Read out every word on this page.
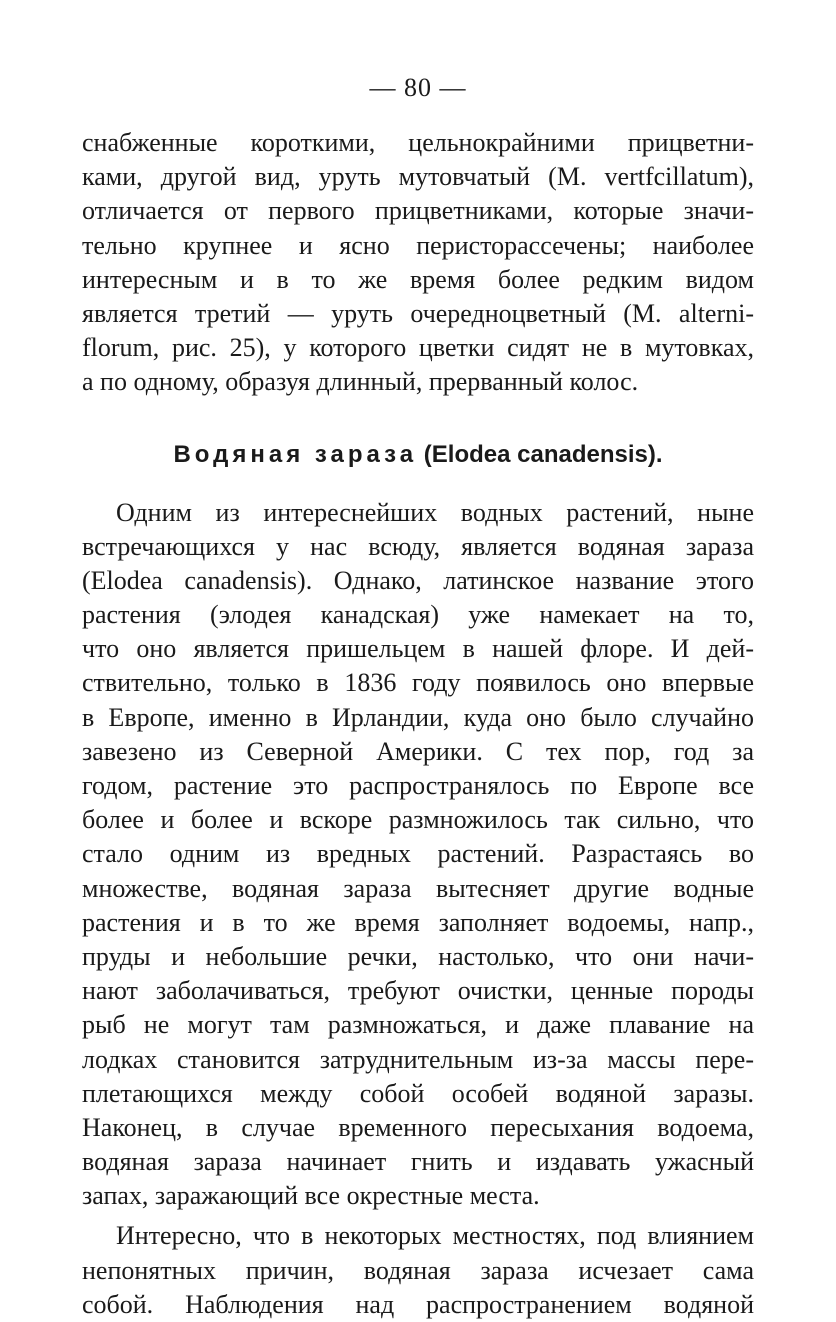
— 80 —
снабженные короткими, цельнокрайними прицветни-
ками, другой вид, уруть мутовчатый (M. vertfcillatum),
отличается от первого прицветниками, которые значи-
тельно крупнее и ясно перисторассечены; наиболее
интересным и в то же время более редким видом
является третий — уруть очередноцветный (M. alterni-
florum, рис. 25), у которого цветки сидят не в мутовках,
а по одному, образуя длинный, прерванный колос.
Водяная зараза (Elodea canadensis).
Одним из интереснейших водных растений, ныне
встречающихся у нас всюду, является водяная зараза
(Elodea canadensis). Однако, латинское название этого
растения (элодея канадская) уже намекает на то,
что оно является пришельцем в нашей флоре. И дей-
ствительно, только в 1836 году появилось оно впервые
в Европе, именно в Ирландии, куда оно было случайно
завезено из Северной Америки. С тех пор, год за
годом, растение это распространялось по Европе все
более и более и вскоре размножилось так сильно, что
стало одним из вредных растений. Разрастаясь во
множестве, водяная зараза вытесняет другие водные
растения и в то же время заполняет водоемы, напр.,
пруды и небольшие речки, настолько, что они начи-
нают заболачиваться, требуют очистки, ценные породы
рыб не могут там размножаться, и даже плавание на
лодках становится затруднительным из-за массы пере-
плетающихся между собой особей водяной заразы.
Наконец, в случае временного пересыхания водоема,
водяная зараза начинает гнить и издавать ужасный
запах, заражающий все окрестные места.
Интересно, что в некоторых местностях, под влиянием
непонятных причин, водяная зараза исчезает сама
собой. Наблюдения над распространением водяной
